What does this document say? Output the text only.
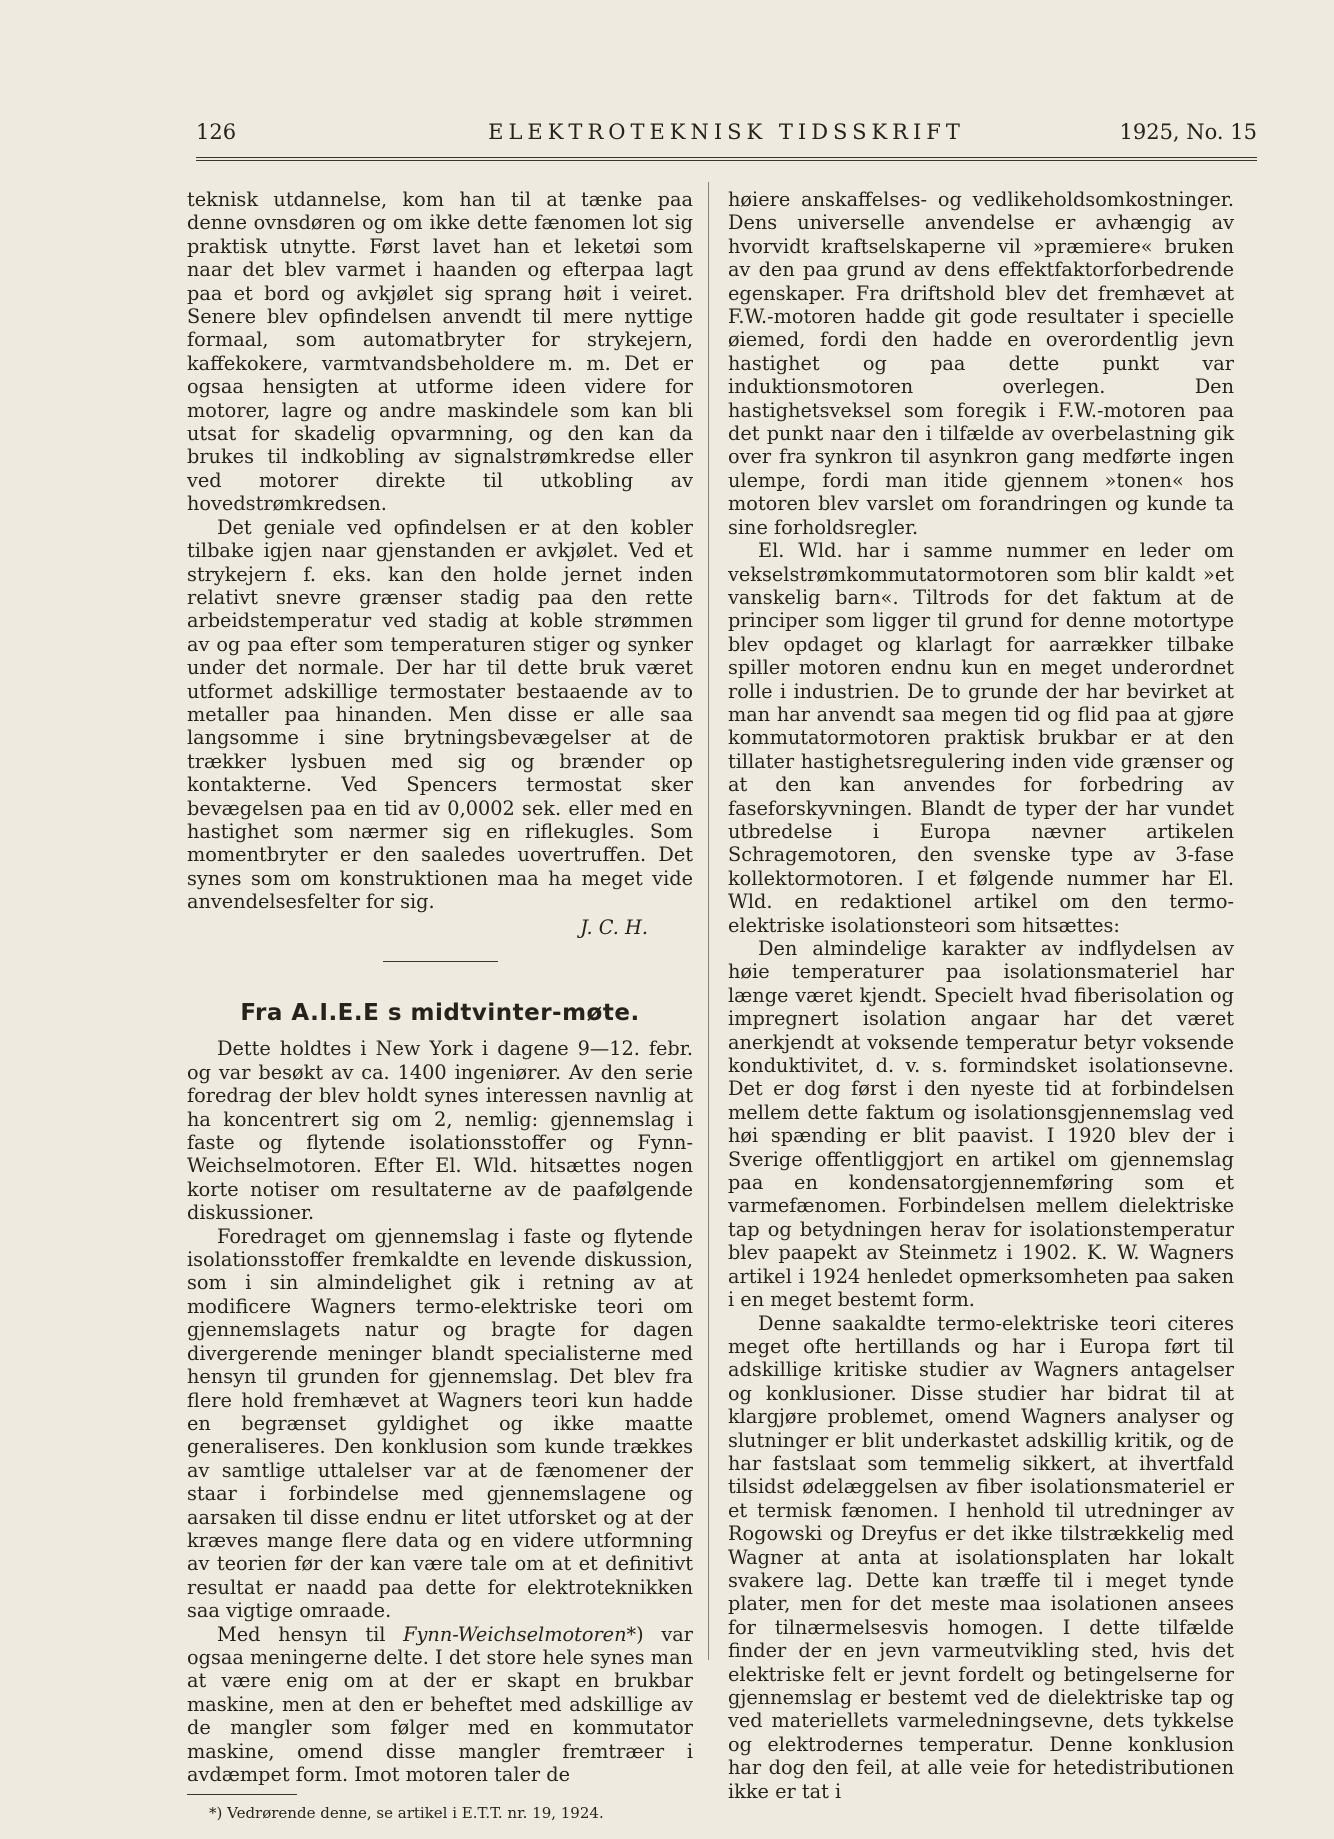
126	ELEKTROTEKNISK TIDSSKRIFT	1925, No. 15

teknisk utdannelse, kom han til at tænke paa denne ovnsdøren og om ikke dette fænomen lot sig praktisk utnytte. Først lavet han et leketøi som naar det blev varmet i haanden og efterpaa lagt paa et bord og avkjølet sig sprang høit i veiret. Senere blev opfindelsen anvendt til mere nyttige formaal, som automatbryter for strykejern, kaffekokere, varmtvandsbeholdere m. m. Det er ogsaa hensigten at utforme ideen videre for motorer, lagre og andre maskindele som kan bli utsat for skadelig opvarmning, og den kan da brukes til indkobling av signalstrømkredse eller ved motorer direkte til utkobling av hovedstrømkredsen.

Det geniale ved opfindelsen er at den kobler tilbake igjen naar gjenstanden er avkjølet. Ved et strykejern f. eks. kan den holde jernet inden relativt snevre grænser stadig paa den rette arbeidstemperatur ved stadig at koble strømmen av og paa efter som temperaturen stiger og synker under det normale. Der har til dette bruk været utformet adskillige termostater bestaaende av to metaller paa hinanden. Men disse er alle saa langsomme i sine brytningsbevægelser at de trækker lysbuen med sig og brænder op kontakterne. Ved Spencers termostat sker bevægelsen paa en tid av 0,0002 sek. eller med en hastighet som nærmer sig en riflekugles. Som momentbryter er den saaledes uovertruffen. Det synes som om konstruktionen maa ha meget vide anvendelsesfelter for sig.

J. C. H.
Fra A.I.E.E s midtvinter-møte.

Dette holdtes i New York i dagene 9—12. febr. og var besøkt av ca. 1400 ingeniører. Av den serie foredrag der blev holdt synes interessen navnlig at ha koncentrert sig om 2, nemlig: gjennemslag i faste og flytende isolationsstoffer og Fynn-Weichselmotoren. Efter El. Wld. hitsættes nogen korte notiser om resultaterne av de paafølgende diskussioner.

Foredraget om gjennemslag i faste og flytende isolationsstoffer fremkaldte en levende diskussion, som i sin almindelighet gik i retning av at modificere Wagners termo-elektriske teori om gjennemslagets natur og bragte for dagen divergerende meninger blandt specialisterne med hensyn til grunden for gjennemslag. Det blev fra flere hold fremhævet at Wagners teori kun hadde en begrænset gyldighet og ikke maatte generaliseres. Den konklusion som kunde trækkes av samtlige uttalelser var at de fænomener der staar i forbindelse med gjennemslagene og aarsaken til disse endnu er litet utforsket og at der kræves mange flere data og en videre utformning av teorien før der kan være tale om at et definitivt resultat er naadd paa dette for elektroteknikken saa vigtige omraade.

Med hensyn til Fynn-Weichselmotoren*) var ogsaa meningerne delte. I det store hele synes man at være enig om at der er skapt en brukbar maskine, men at den er beheftet med adskillige av de mangler som følger med en kommutator maskine, omend disse mangler fremtræer i avdæmpet form. Imot motoren taler de

*) Vedrørende denne, se artikel i E.T.T. nr. 19, 1924.

høiere anskaffelses- og vedlikeholdsomkostninger. Dens universelle anvendelse er avhængig av hvorvidt kraftselskaperne vil »præmiere« bruken av den paa grund av dens effektfaktorforbedrende egenskaper. Fra driftshold blev det fremhævet at F.W.-motoren hadde git gode resultater i specielle øiemed, fordi den hadde en overordentlig jevn hastighet og paa dette punkt var induktionsmotoren overlegen. Den hastighetsveksel som foregik i F.W.-motoren paa det punkt naar den i tilfælde av overbelastning gik over fra synkron til asynkron gang medførte ingen ulempe, fordi man itide gjennem »tonen« hos motoren blev varslet om forandringen og kunde ta sine forholdsregler.

El. Wld. har i samme nummer en leder om vekselstrømkommutatormotoren som blir kaldt »et vanskelig barn«. Tiltrods for det faktum at de principer som ligger til grund for denne motortype blev opdaget og klarlagt for aarrækker tilbake spiller motoren endnu kun en meget underordnet rolle i industrien. De to grunde der har bevirket at man har anvendt saa megen tid og flid paa at gjøre kommutatormotoren praktisk brukbar er at den tillater hastighetsregulering inden vide grænser og at den kan anvendes for forbedring av faseforskyvningen. Blandt de typer der har vundet utbredelse i Europa nævner artikelen Schragemotoren, den svenske type av 3-fase kollektormotoren. I et følgende nummer har El. Wld. en redaktionel artikel om den termo-elektriske isolationsteori som hitsættes:

Den almindelige karakter av indflydelsen av høie temperaturer paa isolationsmateriel har længe været kjendt. Specielt hvad fiberisolation og impregnert isolation angaar har det været anerkjendt at voksende temperatur betyr voksende konduktivitet, d. v. s. formindsket isolationsevne. Det er dog først i den nyeste tid at forbindelsen mellem dette faktum og isolationsgjennemslag ved høi spænding er blit paavist. I 1920 blev der i Sverige offentliggjort en artikel om gjennemslag paa en kondensatorgjennemføring som et varmefænomen. Forbindelsen mellem dielektriske tap og betydningen herav for isolationstemperatur blev paapekt av Steinmetz i 1902. K. W. Wagners artikel i 1924 henledet opmerksomheten paa saken i en meget bestemt form.

Denne saakaldte termo-elektriske teori citeres meget ofte hertillands og har i Europa ført til adskillige kritiske studier av Wagners antagelser og konklusioner. Disse studier har bidrat til at klargjøre problemet, omend Wagners analyser og slutninger er blit underkastet adskillig kritik, og de har fastslaat som temmelig sikkert, at ihvertfald tilsidst ødelæggelsen av fiber isolationsmateriel er et termisk fænomen. I henhold til utredninger av Rogowski og Dreyfus er det ikke tilstrækkelig med Wagner at anta at isolationsplaten har lokalt svakere lag. Dette kan træffe til i meget tynde plater, men for det meste maa isolationen ansees for tilnærmelsesvis homogen. I dette tilfælde finder der en jevn varmeutvikling sted, hvis det elektriske felt er jevnt fordelt og betingelserne for gjennemslag er bestemt ved de dielektriske tap og ved materiellets varmeledningsevne, dets tykkelse og elektrodernes temperatur. Denne konklusion har dog den feil, at alle veie for hetedistributionen ikke er tat i
